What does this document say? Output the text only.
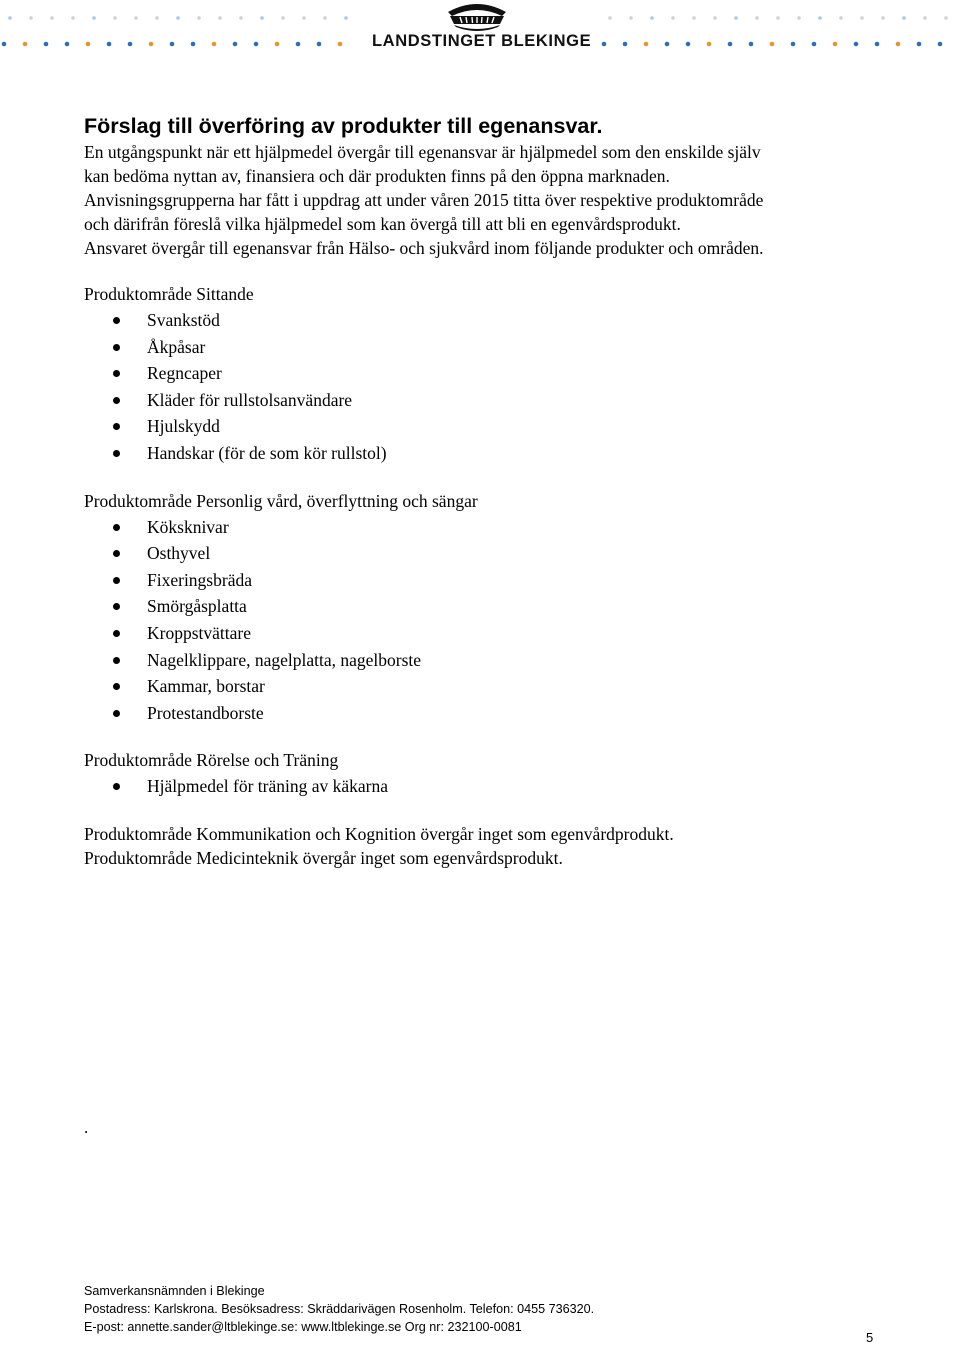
LANDSTINGET BLEKINGE
Förslag till överföring av produkter till egenansvar.

En utgångspunkt när ett hjälpmedel övergår till egenansvar är hjälpmedel som den enskilde själv

kan bedöma nyttan av, finansiera och där produkten finns på den öppna marknaden.

Anvisningsgrupperna har fått i uppdrag att under våren 2015 titta över respektive produktområde

och därifrån föreslå vilka hjälpmedel som kan övergå till att bli en egenvårdsprodukt.

Ansvaret övergår till egenansvar från Hälso- och sjukvård inom följande produkter och områden.

Produktområde Sittande

Svankstöd
Åkpåsar
Regncaper
Kläder för rullstolsanvändare
Hjulskydd
Handskar (för de som kör rullstol)

Produktområde Personlig vård, överflyttning och sängar

Köksknivar
Osthyvel
Fixeringsbräda
Smörgåsplatta
Kroppstvättare
Nagelklippare, nagelplatta, nagelborste
Kammar, borstar
Protestandborste

Produktområde Rörelse och Träning

Hjälpmedel för träning av käkarna

Produktområde Kommunikation och Kognition övergår inget som egenvårdprodukt.

Produktområde Medicinteknik övergår inget som egenvårdsprodukt.

.
Samverkansnämnden i Blekinge
Postadress: Karlskrona. Besöksadress: Skräddarivägen Rosenholm. Telefon: 0455 736320.
E-post: annette.sander@ltblekinge.se: www.ltblekinge.se Org nr: 232100-0081
5
